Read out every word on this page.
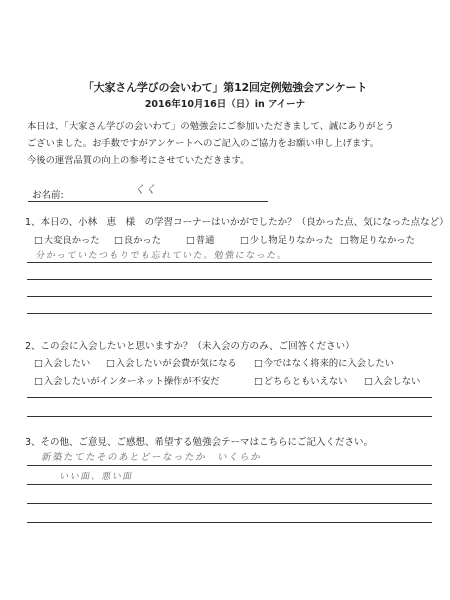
「大家さん学びの会いわて」第12回定例勉強会アンケート
2016年10月16日（日）in アイーナ
本日は、「大家さん学びの会いわて」の勉強会にご参加いただきまして、誠にありがとう
ございました。お手数ですがアンケートへのご記入のご協力をお願い申し上げます。
今後の運営品質の向上の参考にさせていただきます。
お名前:	くく
1、本日の、小林　恵　様　の学習コーナーはいかがでしたか？（良かった点、気になった点など）
□ 大変良かった	□ 良かった	□ 普通	□ 少し物足りなかった	□ 物足りなかった
分かっていたつもりでも忘れていた。勉強になった。
2、この会に入会したいと思いますか？（未入会の方のみ、ご回答ください）
□ 入会したい	□ 入会したいが会費が気になる	□ 今ではなく将来的に入会したい
□ 入会したいがインターネット操作が不安だ	□ どちらともいえない	□ 入会しない
3、その他、ご意見、ご感想、希望する勉強会テーマはこちらにご記入ください。
新築たてたそのあとどーなったか　いくらか
いい面、悪い面
